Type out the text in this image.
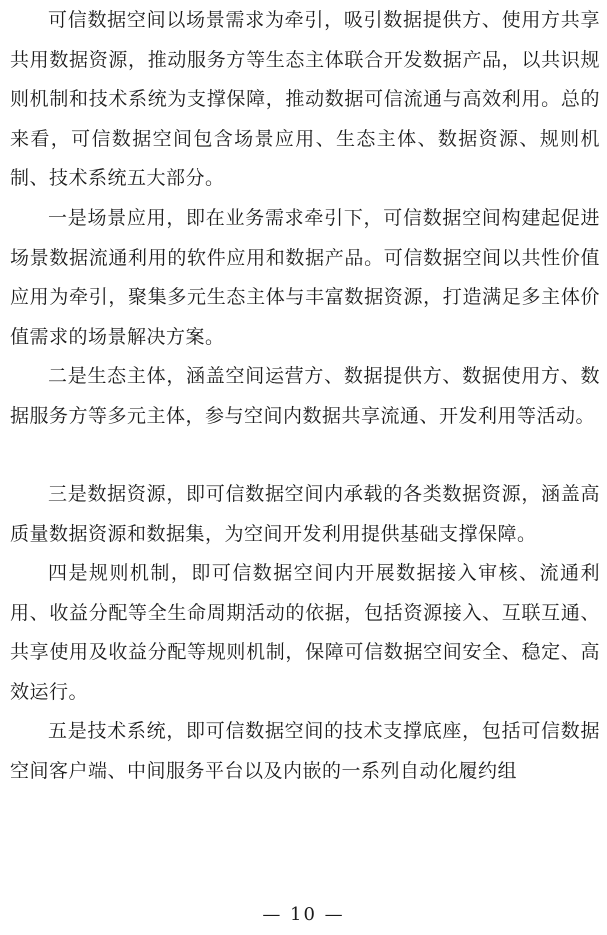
可信数据空间以场景需求为牵引，吸引数据提供方、使用方共享共用数据资源，推动服务方等生态主体联合开发数据产品，以共识规则机制和技术系统为支撑保障，推动数据可信流通与高效利用。总的来看，可信数据空间包含场景应用、生态主体、数据资源、规则机制、技术系统五大部分。

一是场景应用，即在业务需求牵引下，可信数据空间构建起促进场景数据流通利用的软件应用和数据产品。可信数据空间以共性价值应用为牵引，聚集多元生态主体与丰富数据资源，打造满足多主体价值需求的场景解决方案。

二是生态主体，涵盖空间运营方、数据提供方、数据使用方、数据服务方等多元主体，参与空间内数据共享流通、开发利用等活动。

三是数据资源，即可信数据空间内承载的各类数据资源，涵盖高质量数据资源和数据集，为空间开发利用提供基础支撑保障。

四是规则机制，即可信数据空间内开展数据接入审核、流通利用、收益分配等全生命周期活动的依据，包括资源接入、互联互通、共享使用及收益分配等规则机制，保障可信数据空间安全、稳定、高效运行。

五是技术系统，即可信数据空间的技术支撑底座，包括可信数据空间客户端、中间服务平台以及内嵌的一系列自动化履约组

— 10 —
